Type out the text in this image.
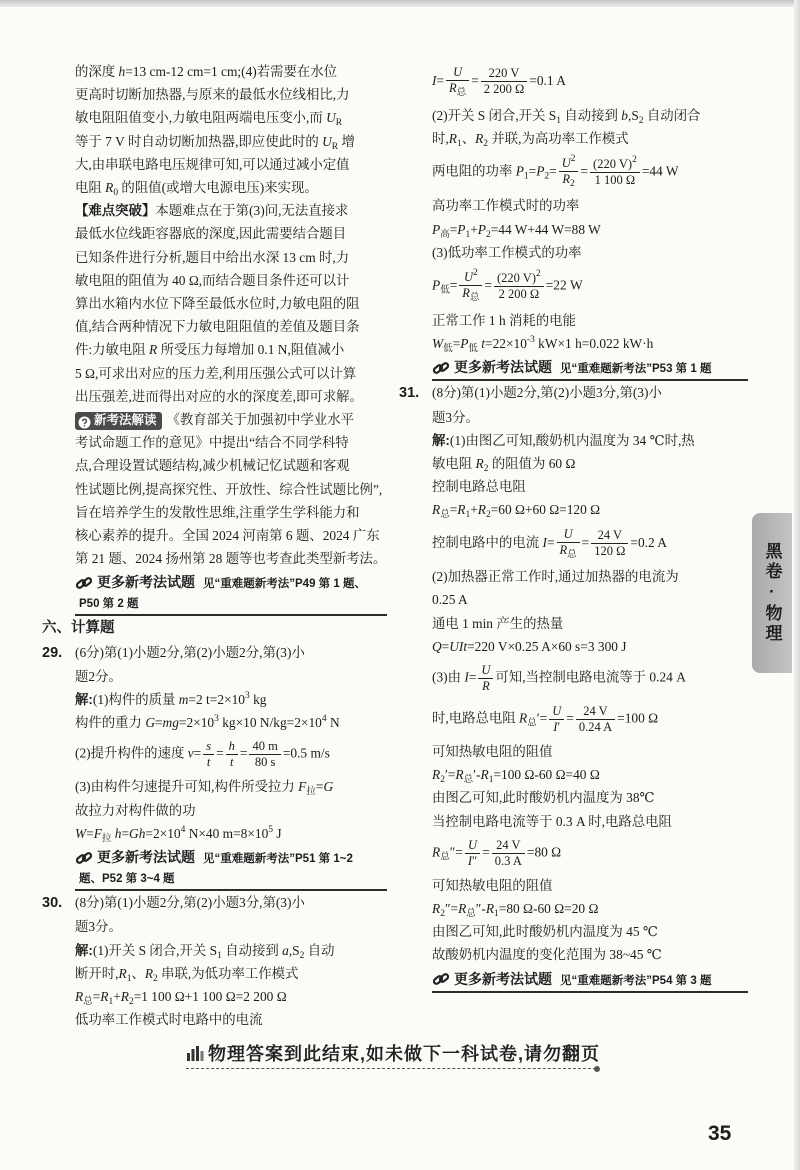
的深度 h=13 cm-12 cm=1 cm;(4)若需要在水位
更高时切断加热器,与原来的最低水位线相比,力
敏电阻阻值变小,力敏电阻两端电压变小,而 $U_R$
等于 7 V 时自动切断加热器,即应使此时的 $U_R$ 增
大,由串联电路电压规律可知,可以通过减小定值
电阻 $R_0$ 的阻值(或增大电源电压)来实现。
【难点突破】本题难点在于第(3)问,无法直接求
最低水位线距容器底的深度,因此需要结合题目
已知条件进行分析,题目中给出水深 13 cm 时,力
敏电阻的阻值为 40 Ω,而结合题目条件还可以计
算出水箱内水位下降至最低水位时,力敏电阻的阻
值,结合两种情况下力敏电阻阻值的差值及题目条
件:力敏电阻 R 所受压力每增加 0.1 N,阻值减小
5 Ω,可求出对应的压力差,利用压强公式可以计算
出压强差,进而得出对应的水的深度差,即可求解。
新考法解读 《教育部关于加强初中学业水平
考试命题工作的意见》中提出“结合不同学科特
点,合理设置试题结构,减少机械记忆试题和客观
性试题比例,提高探究性、开放性、综合性试题比例”,
旨在培养学生的发散性思维,注重学生学科能力和
核心素养的提升。全国 2024 河南第 6 题、2024 广东
第 21 题、2024 扬州第 28 题等也考查此类型新考法。
更多新考法试题 见“重难题新考法”P49 第 1 题、
P50 第 2 题
六、计算题
29. (6分)第(1)小题2分,第(2)小题2分,第(3)小
题2分。
解:(1)构件的质量 m=2 $t=2\times 10^3$ kg
构件的重力 $G=mg=2\times 10^3$ kg×10 $N/kg=2\times 10^4$ N
(2)提升构件的速度 $v= \frac{s}{t} = \frac{h}{t} = \frac{40 m}{80 s} =0.5$ m/s
(3)由构件匀速提升可知,构件所受拉力 $F_拉=G$
故拉力对构件做的功
$W=F_拉$ $h=Gh=2\times 10^4$ N×40 $m=8\times 10^5$ J
更多新考法试题 见“重难题新考法”P51 第 1~2
题、P52 第 3~4 题
30. (8分)第(1)小题2分,第(2)小题3分,第(3)小
题3分。
解:(1)开关 S 闭合,开关 $S_1$ 自动接到 $a,S_2$ 自动
断开时$,R_1$、$R_2$ 串联,为低功率工作模式
$R_总=R_1+R_2=1$ 100 Ω+1 100 Ω=2 200 Ω
低功率工作模式时电路中的电流
$I= \frac{U}{R_总} = \frac{220 V}{2 200 \Omega} =0.1$ A
(2)开关 S 闭合,开关 $S_1$ 自动接到 $b,S_2$ 自动闭合
时$,R_1$、$R_2$ 并联,为高功率工作模式
两电阻的功率 $P_1=P_2= \frac{U^2}{R_2} = \frac{(220 V)^2}{1 100 \Omega} =44$ W
高功率工作模式时的功率
$P_高=P_1+P_2=44$ W+44 W=88 W
(3)低功率工作模式的功率
$P_低= \frac{U^2}{R_总} = \frac{(220 V)^2}{2 200 \Omega} =22$ W
正常工作 1 h 消耗的电能
$W_低=P_低$ $t=22\times 10^{-3}$ kW×1 h=0.022 kW·h
更多新考法试题 见“重难题新考法”P53 第 1 题
31. (8分)第(1)小题2分,第(2)小题3分,第(3)小
题3分。
解:(1)由图乙可知,酸奶机内温度为 34 ℃时,热
敏电阻 $R_2$ 的阻值为 60 Ω
控制电路总电阻
$R_总=R_1+R_2=60$ Ω+60 Ω=120 Ω
控制电路中的电流 $I= \frac{U}{R_总} = \frac{24 V}{120 \Omega} =0.2$ A
(2)加热器正常工作时,通过加热器的电流为
0.25 A
通电 1 min 产生的热量
Q=UIt=220 V×0.25 A×60 s=3 300 J
(3)由 $I= \frac{U}{R}$ 可知,当控制电路电流等于 0.24 A
时,电路总电阻 $R_总'= \frac{U}{I'} = \frac{24 V}{0.24 A} =100$ Ω
可知热敏电阻的阻值
$R_2'=R_总'-R_1=100$ Ω-60 Ω=40 Ω
由图乙可知,此时酸奶机内温度为 38℃
当控制电路电流等于 0.3 A 时,电路总电阻
$R_总''= \frac{U}{I''} = \frac{24 V}{0.3 A} =80$ Ω
可知热敏电阻的阻值
$R_2''=R_总''-R_1=80$ Ω-60 Ω=20 Ω
由图乙可知,此时酸奶机内温度为 45 ℃
故酸奶机内温度的变化范围为 38~45 ℃
更多新考法试题 见“重难题新考法”P54 第 3 题
黑卷·物理
物理答案到此结束,如未做下一科试卷,请勿翻页
35
